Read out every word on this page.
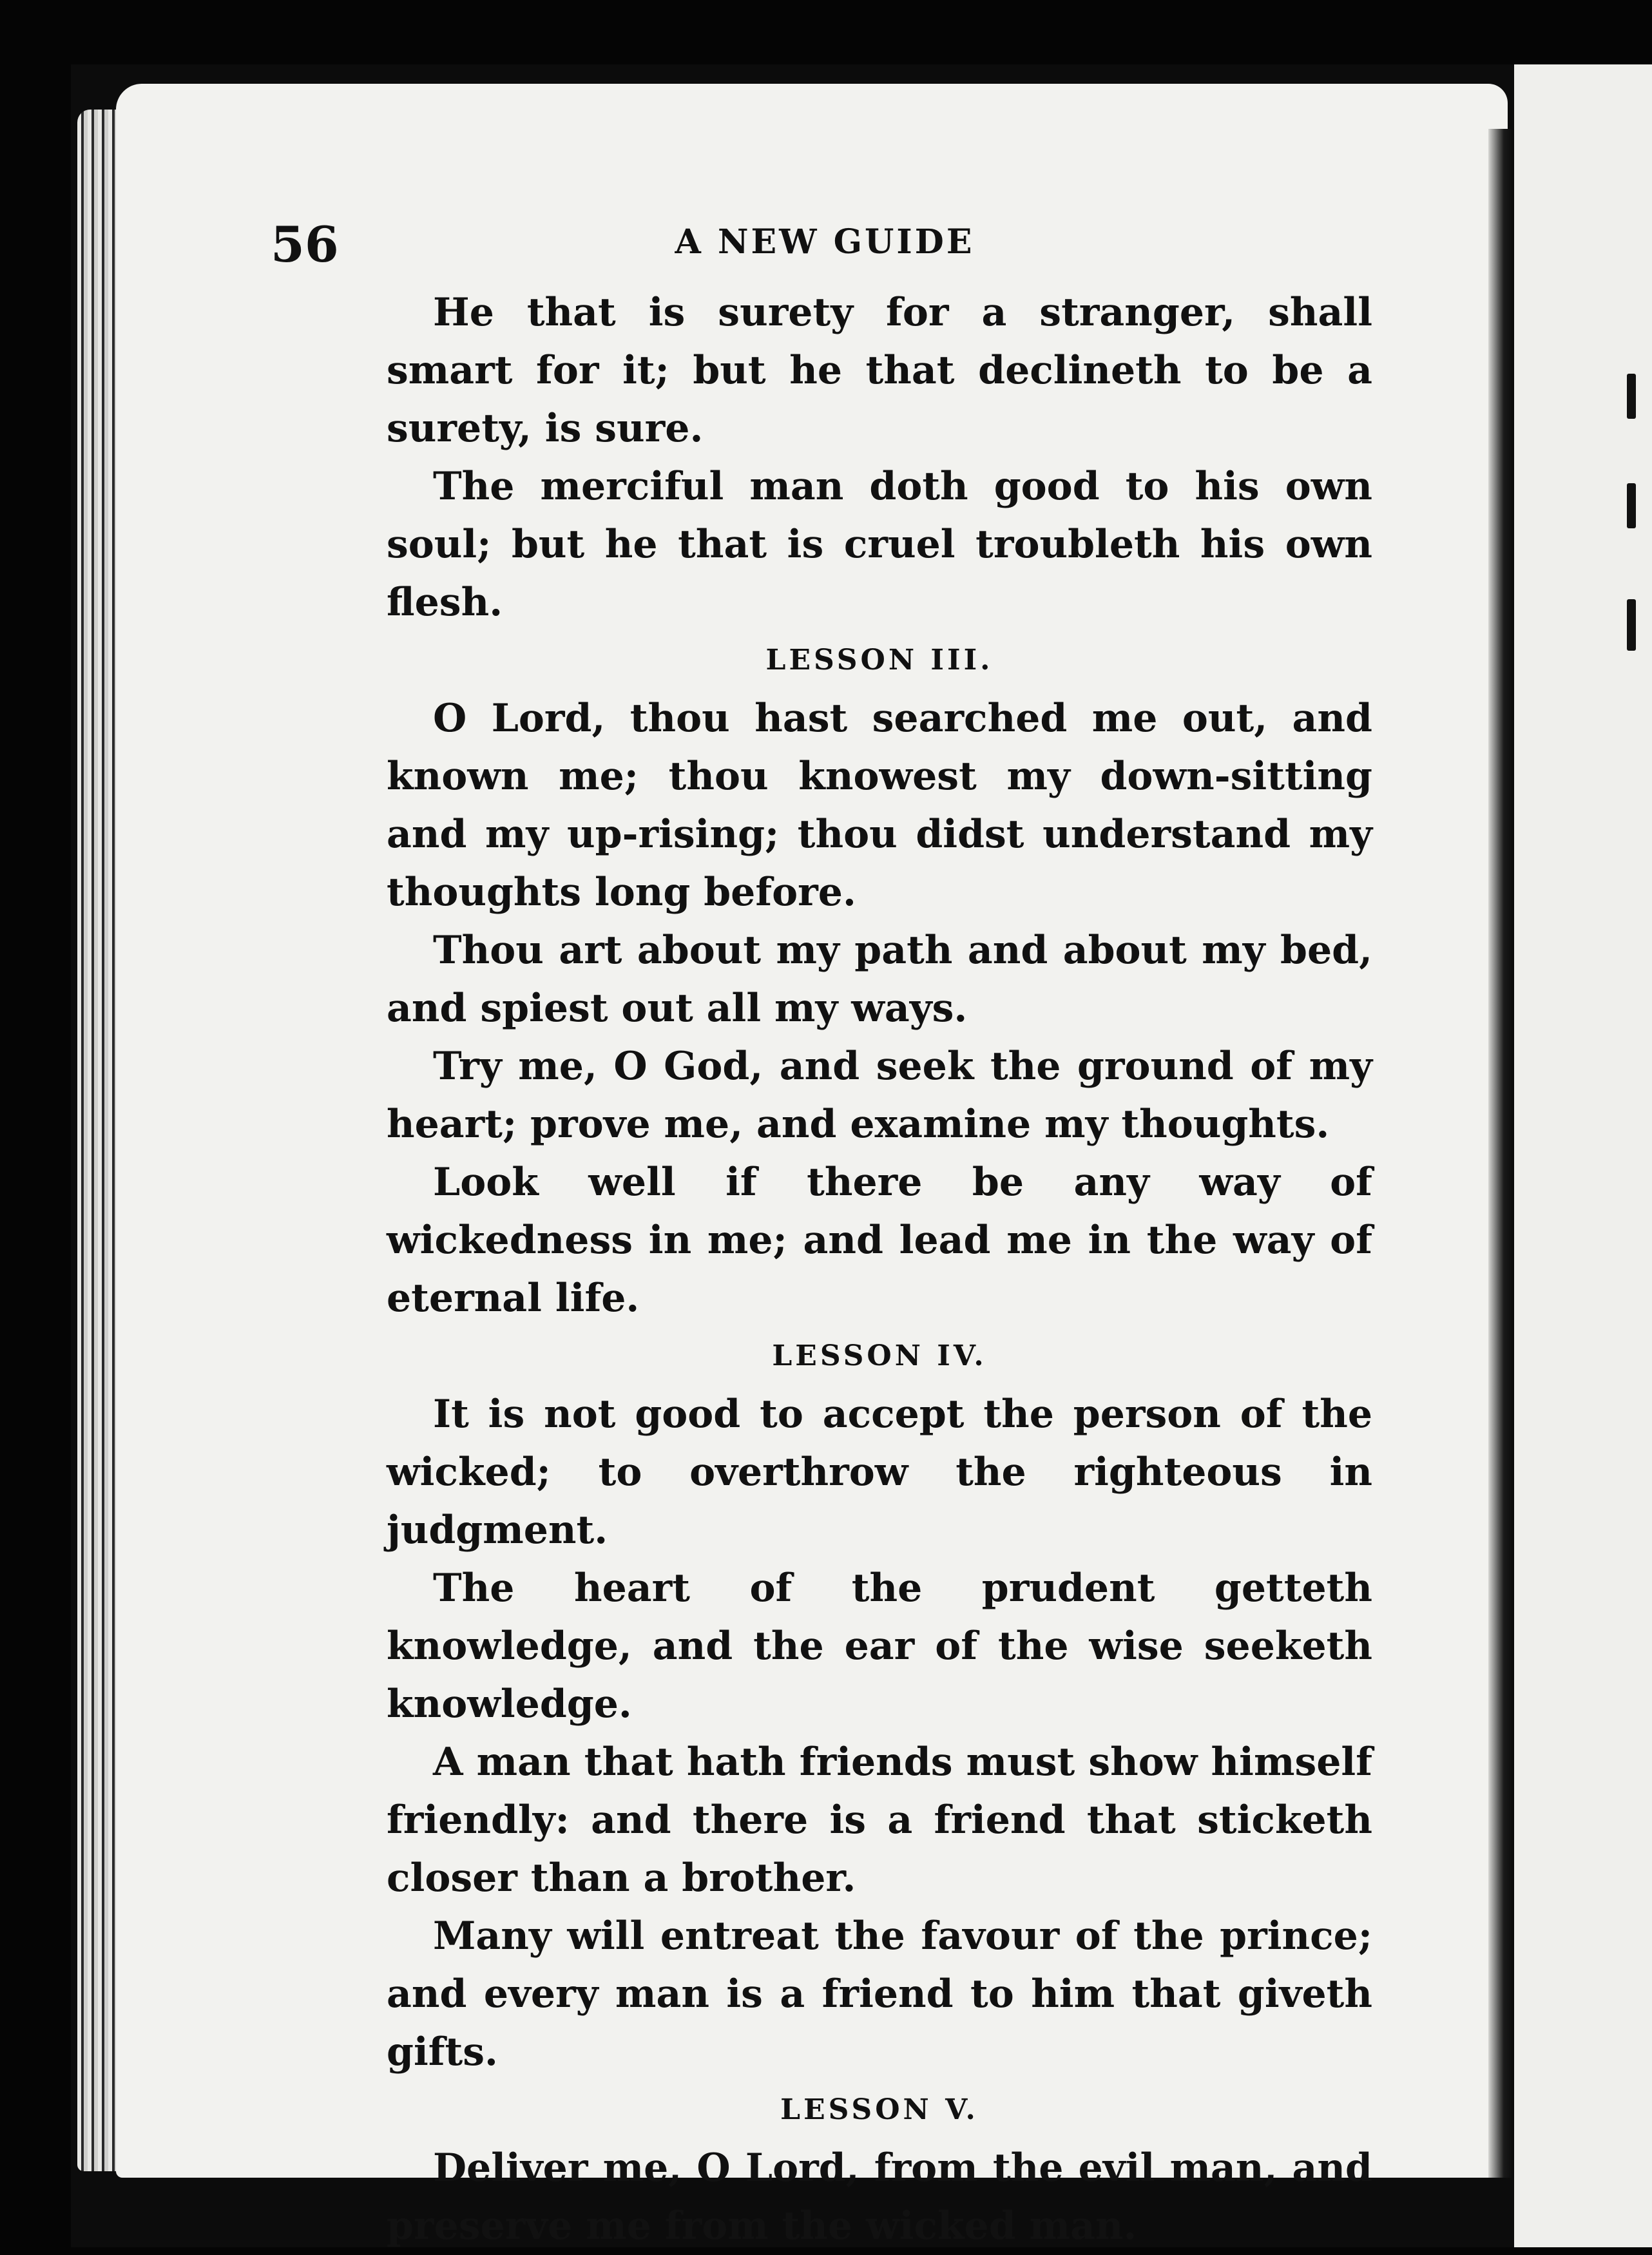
56	A NEW GUIDE

He that is surety for a stranger, shall smart for it; but he that declineth to be a surety, is sure.

The merciful man doth good to his own soul; but he that is cruel troubleth his own flesh.

LESSON III.

O Lord, thou hast searched me out, and known me; thou knowest my down-sitting and my up-rising; thou didst understand my thoughts long before.

Thou art about my path and about my bed, and spiest out all my ways.

Try me, O God, and seek the ground of my heart; prove me, and examine my thoughts.

Look well if there be any way of wickedness in me; and lead me in the way of eternal life.

LESSON IV.

It is not good to accept the person of the wicked; to overthrow the righteous in judgment.

The heart of the prudent getteth knowledge, and the ear of the wise seeketh knowledge.

A man that hath friends must show himself friendly: and there is a friend that sticketh closer than a brother.

Many will entreat the favour of the prince; and every man is a friend to him that giveth gifts.

LESSON V.

Deliver me, O Lord, from the evil man, and preserve me from the wicked man.
